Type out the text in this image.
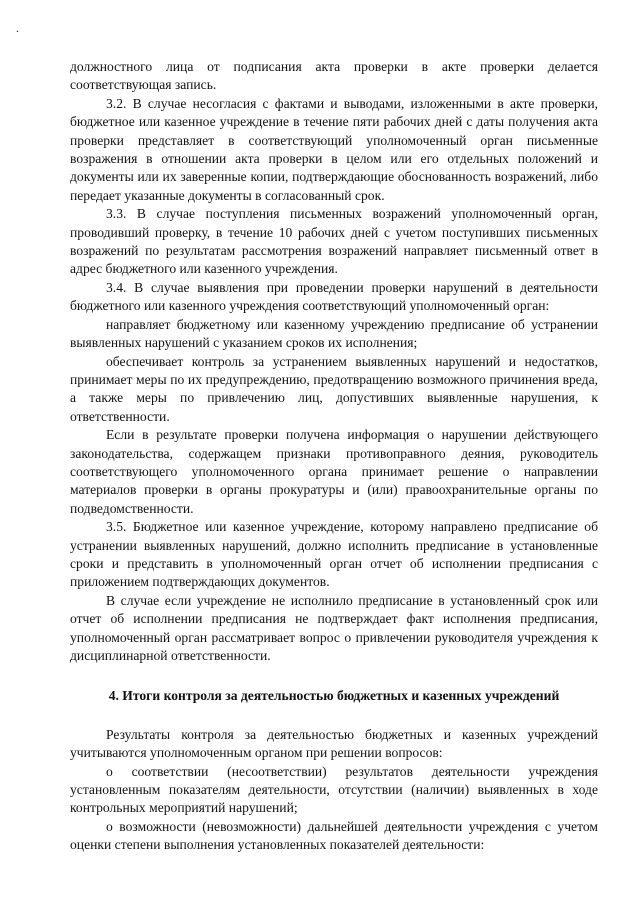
.

должностного лица от подписания акта проверки в акте проверки делается соответствующая запись.

3.2. В случае несогласия с фактами и выводами, изложенными в акте проверки, бюджетное или казенное учреждение в течение пяти рабочих дней с даты получения акта проверки представляет в соответствующий уполномоченный орган письменные возражения в отношении акта проверки в целом или его отдельных положений и документы или их заверенные копии, подтверждающие обоснованность возражений, либо передает указанные документы в согласованный срок.

3.3. В случае поступления письменных возражений уполномоченный орган, проводивший проверку, в течение 10 рабочих дней с учетом поступивших письменных возражений по результатам рассмотрения возражений направляет письменный ответ в адрес бюджетного или казенного учреждения.

3.4. В случае выявления при проведении проверки нарушений в деятельности бюджетного или казенного учреждения соответствующий уполномоченный орган:

направляет бюджетному или казенному учреждению предписание об устранении выявленных нарушений с указанием сроков их исполнения;

обеспечивает контроль за устранением выявленных нарушений и недостатков, принимает меры по их предупреждению, предотвращению возможного причинения вреда, а также меры по привлечению лиц, допустивших выявленные нарушения, к ответственности.

Если в результате проверки получена информация о нарушении действующего законодательства, содержащем признаки противоправного деяния, руководитель соответствующего уполномоченного органа принимает решение о направлении материалов проверки в органы прокуратуры и (или) правоохранительные органы по подведомственности.

3.5. Бюджетное или казенное учреждение, которому направлено предписание об устранении выявленных нарушений, должно исполнить предписание в установленные сроки и представить в уполномоченный орган отчет об исполнении предписания с приложением подтверждающих документов.

В случае если учреждение не исполнило предписание в установленный срок или отчет об исполнении предписания не подтверждает факт исполнения предписания, уполномоченный орган рассматривает вопрос о привлечении руководителя учреждения к дисциплинарной ответственности.

4. Итоги контроля за деятельностью бюджетных и казенных учреждений

Результаты контроля за деятельностью бюджетных и казенных учреждений учитываются уполномоченным органом при решении вопросов:

о соответствии (несоответствии) результатов деятельности учреждения установленным показателям деятельности, отсутствии (наличии) выявленных в ходе контрольных мероприятий нарушений;

о возможности (невозможности) дальнейшей деятельности учреждения с учетом оценки степени выполнения установленных показателей деятельности:
